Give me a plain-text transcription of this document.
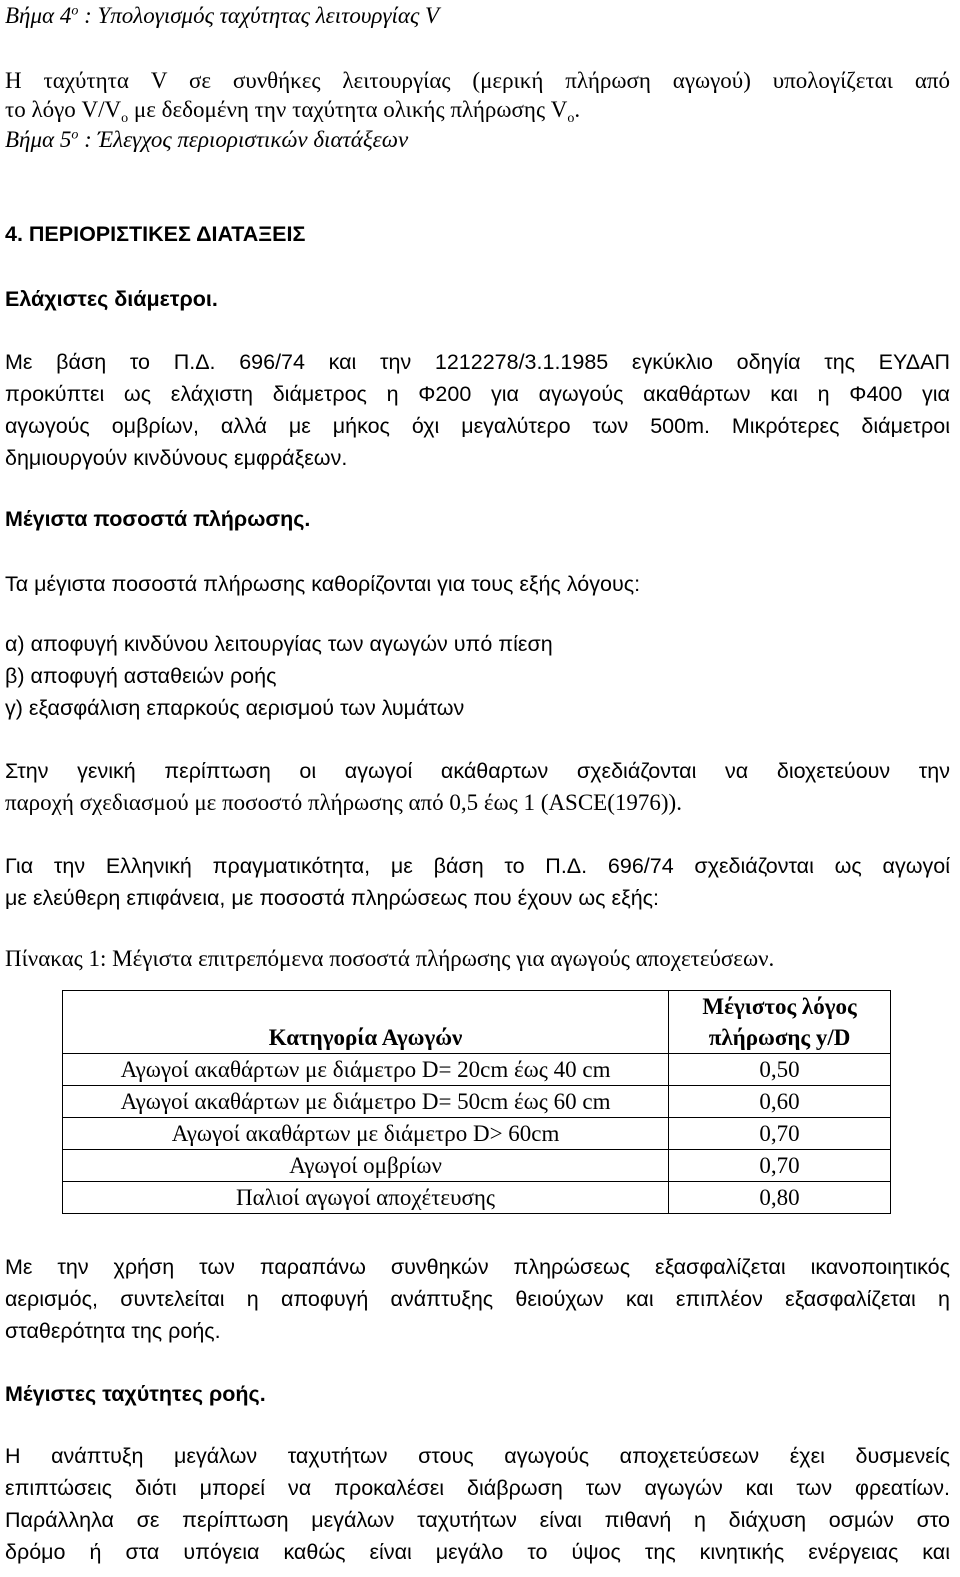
Βήμα $4^o$ : Υπολογισμός ταχύτητας λειτουργίας V
Η ταχύτητα V σε συνθήκες λειτουργίας (μερική πλήρωση αγωγού) υπολογίζεται από
το λόγο $V/V_o$ με δεδομένη την ταχύτητα ολικής πλήρωσης $V_o$.
Βήμα $5^o$ : Έλεγχος περιοριστικών διατάξεων
4. ΠΕΡΙΟΡΙΣΤΙΚΕΣ ΔΙΑΤΑΞΕΙΣ
Ελάχιστες διάμετροι.
Με βάση το Π.Δ. 696/74 και την 1212278/3.1.1985 εγκύκλιο οδηγία της ΕΥΔΑΠ
προκύπτει ως ελάχιστη διάμετρος η Φ200 για αγωγούς ακαθάρτων και η Φ400 για
αγωγούς ομβρίων, αλλά με μήκος όχι μεγαλύτερο των 500m. Μικρότερες διάμετροι
δημιουργούν κινδύνους εμφράξεων.
Μέγιστα ποσοστά πλήρωσης.
Τα μέγιστα ποσοστά πλήρωσης καθορίζονται για τους εξής λόγους:
α) αποφυγή κινδύνου λειτουργίας των αγωγών υπό πίεση
β) αποφυγή ασταθειών ροής
γ) εξασφάλιση επαρκούς αερισμού των λυμάτων
Στην γενική περίπτωση οι αγωγοί ακάθαρτων σχεδιάζονται να διοχετεύουν την
παροχή σχεδιασμού με ποσοστό πλήρωσης από 0,5 έως 1 (ASCE(1976)).
Για την Ελληνική πραγματικότητα, με βάση το Π.Δ. 696/74 σχεδιάζονται ως αγωγοί
με ελεύθερη επιφάνεια, με ποσοστά πληρώσεως που έχουν ως εξής:
Πίνακας 1: Μέγιστα επιτρεπόμενα ποσοστά πλήρωσης για αγωγούς αποχετεύσεων.
Κατηγορία Αγωγών	Μέγιστος λόγος
πλήρωσης y/D

Αγωγοί ακαθάρτων με διάμετρο D= 20cm έως 40 cm	0,50
Αγωγοί ακαθάρτων με διάμετρο D= 50cm έως 60 cm	0,60
Αγωγοί ακαθάρτων με διάμετρο D> 60cm	0,70
Αγωγοί ομβρίων	0,70
Παλιοί αγωγοί αποχέτευσης	0,80
Με την χρήση των παραπάνω συνθηκών πληρώσεως εξασφαλίζεται ικανοποιητικός
αερισμός, συντελείται η αποφυγή ανάπτυξης θειούχων και επιπλέον εξασφαλίζεται η
σταθερότητα της ροής.
Μέγιστες ταχύτητες ροής.
Η ανάπτυξη μεγάλων ταχυτήτων στους αγωγούς αποχετεύσεων έχει δυσμενείς
επιπτώσεις διότι μπορεί να προκαλέσει διάβρωση των αγωγών και των φρεατίων.
Παράλληλα σε περίπτωση μεγάλων ταχυτήτων είναι πιθανή η διάχυση οσμών στο
δρόμο ή στα υπόγεια καθώς είναι μεγάλο το ύψος της κινητικής ενέργειας και
